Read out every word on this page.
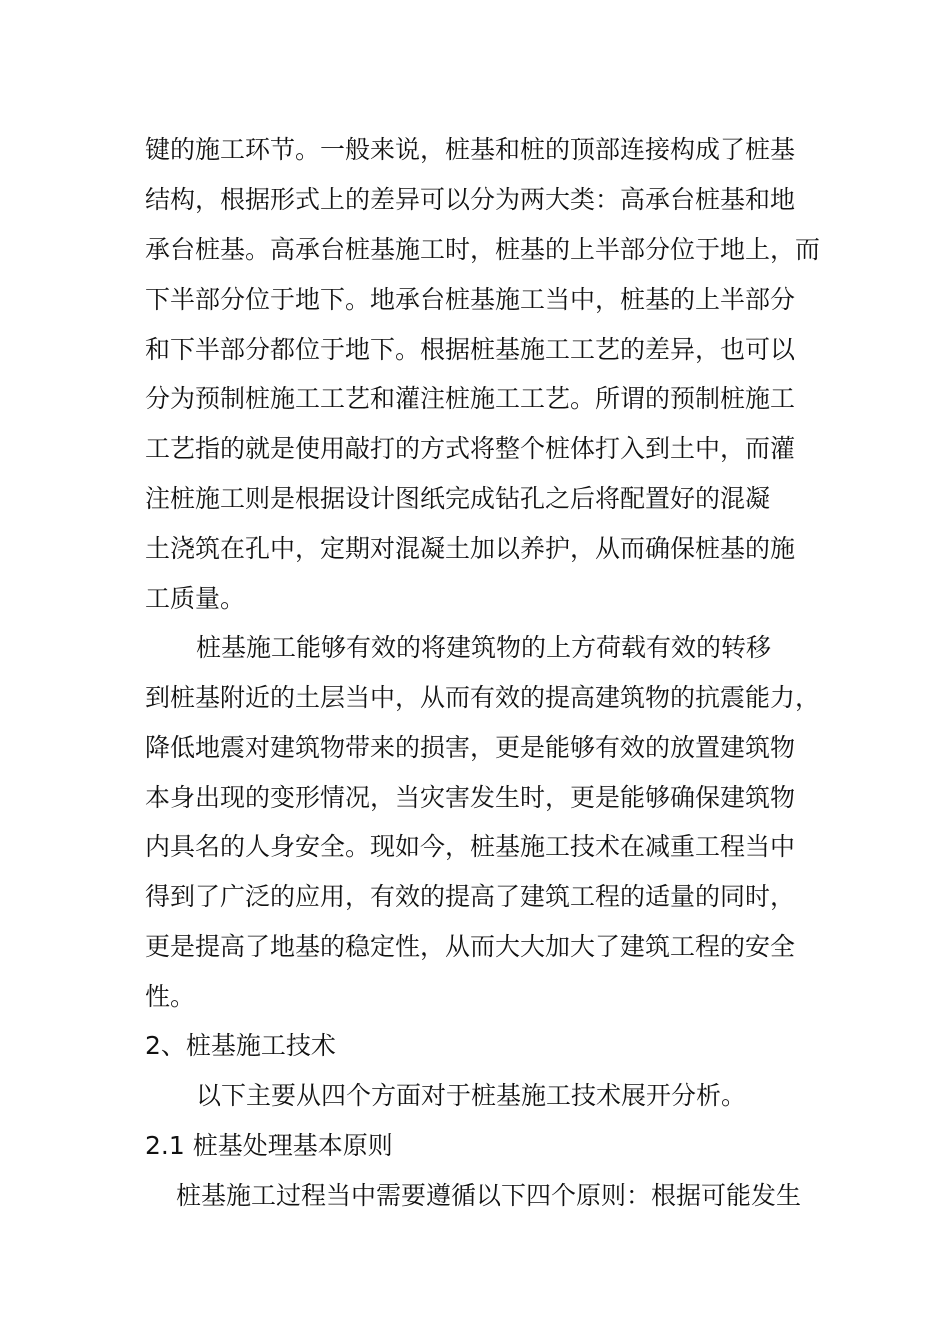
键的施工环节。一般来说，桩基和桩的顶部连接构成了桩基
结构，根据形式上的差异可以分为两大类：高承台桩基和地
承台桩基。高承台桩基施工时，桩基的上半部分位于地上，而
下半部分位于地下。地承台桩基施工当中，桩基的上半部分
和下半部分都位于地下。根据桩基施工工艺的差异，也可以
分为预制桩施工工艺和灌注桩施工工艺。所谓的预制桩施工
工艺指的就是使用敲打的方式将整个桩体打入到土中，而灌
注桩施工则是根据设计图纸完成钻孔之后将配置好的混凝
土浇筑在孔中，定期对混凝土加以养护，从而确保桩基的施
工质量。
桩基施工能够有效的将建筑物的上方荷载有效的转移
到桩基附近的土层当中，从而有效的提高建筑物的抗震能力，
降低地震对建筑物带来的损害，更是能够有效的放置建筑物
本身出现的变形情况，当灾害发生时，更是能够确保建筑物
内具名的人身安全。现如今，桩基施工技术在减重工程当中
得到了广泛的应用，有效的提高了建筑工程的适量的同时，
更是提高了地基的稳定性，从而大大加大了建筑工程的安全
性。
2、桩基施工技术
以下主要从四个方面对于桩基施工技术展开分析。
2.1 桩基处理基本原则
桩基施工过程当中需要遵循以下四个原则：根据可能发生
